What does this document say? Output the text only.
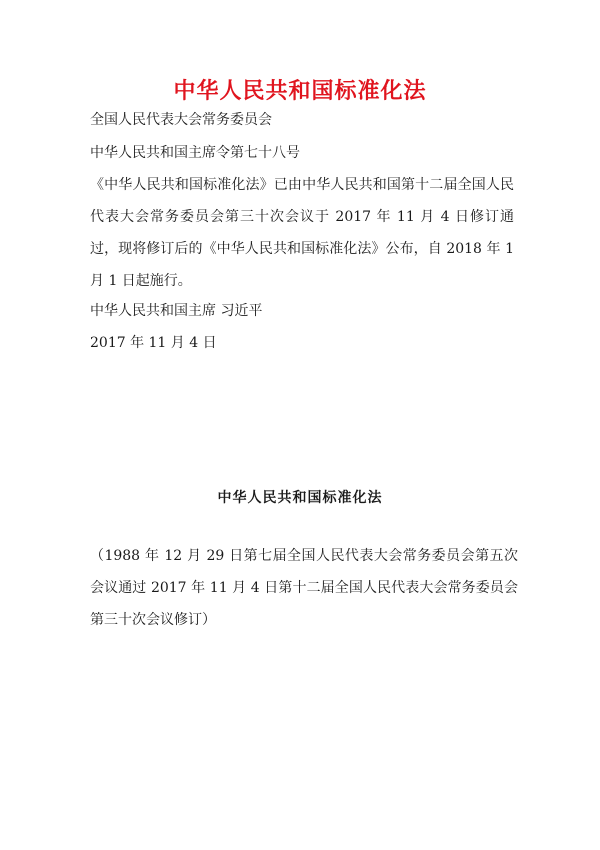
中华人民共和国标准化法
全国人民代表大会常务委员会
中华人民共和国主席令第七十八号
《中华人民共和国标准化法》已由中华人民共和国第十二届全国人民代表大会常务委员会第三十次会议于 2017 年 11 月 4 日修订通过，现将修订后的《中华人民共和国标准化法》公布，自 2018 年 1 月 1 日起施行。
中华人民共和国主席 习近平
2017 年 11 月 4 日
中华人民共和国标准化法
（1988 年 12 月 29 日第七届全国人民代表大会常务委员会第五次会议通过 2017 年 11 月 4 日第十二届全国人民代表大会常务委员会第三十次会议修订）
